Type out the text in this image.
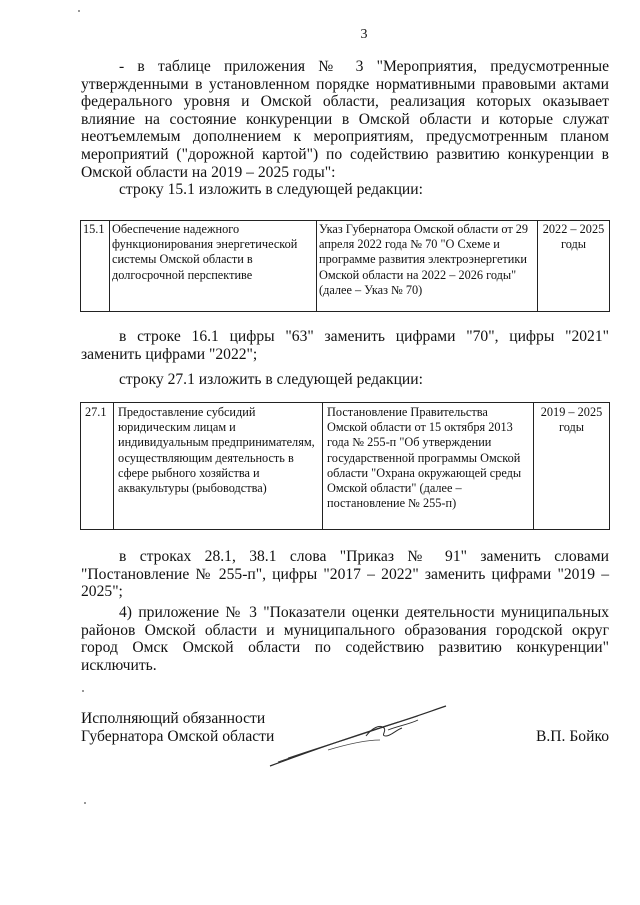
3

- в таблице приложения № 3 "Мероприятия, предусмотренные утвержденными в установленном порядке нормативными правовыми актами федерального уровня и Омской области, реализация которых оказывает влияние на состояние конкуренции в Омской области и которые служат неотъемлемым дополнением к мероприятиям, предусмотренным планом мероприятий ("дорожной картой") по содействию развитию конкуренции в Омской области на 2019 – 2025 годы":

строку 15.1 изложить в следующей редакции:

15.1	Обеспечение надежного функционирования энергетической системы Омской области в долгосрочной перспективе	Указ Губернатора Омской области от 29 апреля 2022 года № 70 "О Схеме и программе развития электроэнергетики Омской области на 2022 – 2026 годы" (далее – Указ № 70)	2022 – 2025 годы

в строке 16.1 цифры "63" заменить цифрами "70", цифры "2021" заменить цифрами "2022";

строку 27.1 изложить в следующей редакции:

27.1	Предоставление субсидий юридическим лицам и индивидуальным предпринимателям, осуществляющим деятельность в сфере рыбного хозяйства и аквакультуры (рыбоводства)	Постановление Правительства Омской области от 15 октября 2013 года № 255-п "Об утверждении государственной программы Омской области "Охрана окружающей среды Омской области" (далее – постановление № 255-п)	2019 – 2025 годы

в строках 28.1, 38.1 слова "Приказ № 91" заменить словами "Постановление № 255-п", цифры "2017 – 2022" заменить цифрами "2019 – 2025";

4) приложение № 3 "Показатели оценки деятельности муниципальных районов Омской области и муниципального образования городской округ город Омск Омской области по содействию развитию конкуренции" исключить.

Исполняющий обязанности
Губернатора Омской области	В.П. Бойко
